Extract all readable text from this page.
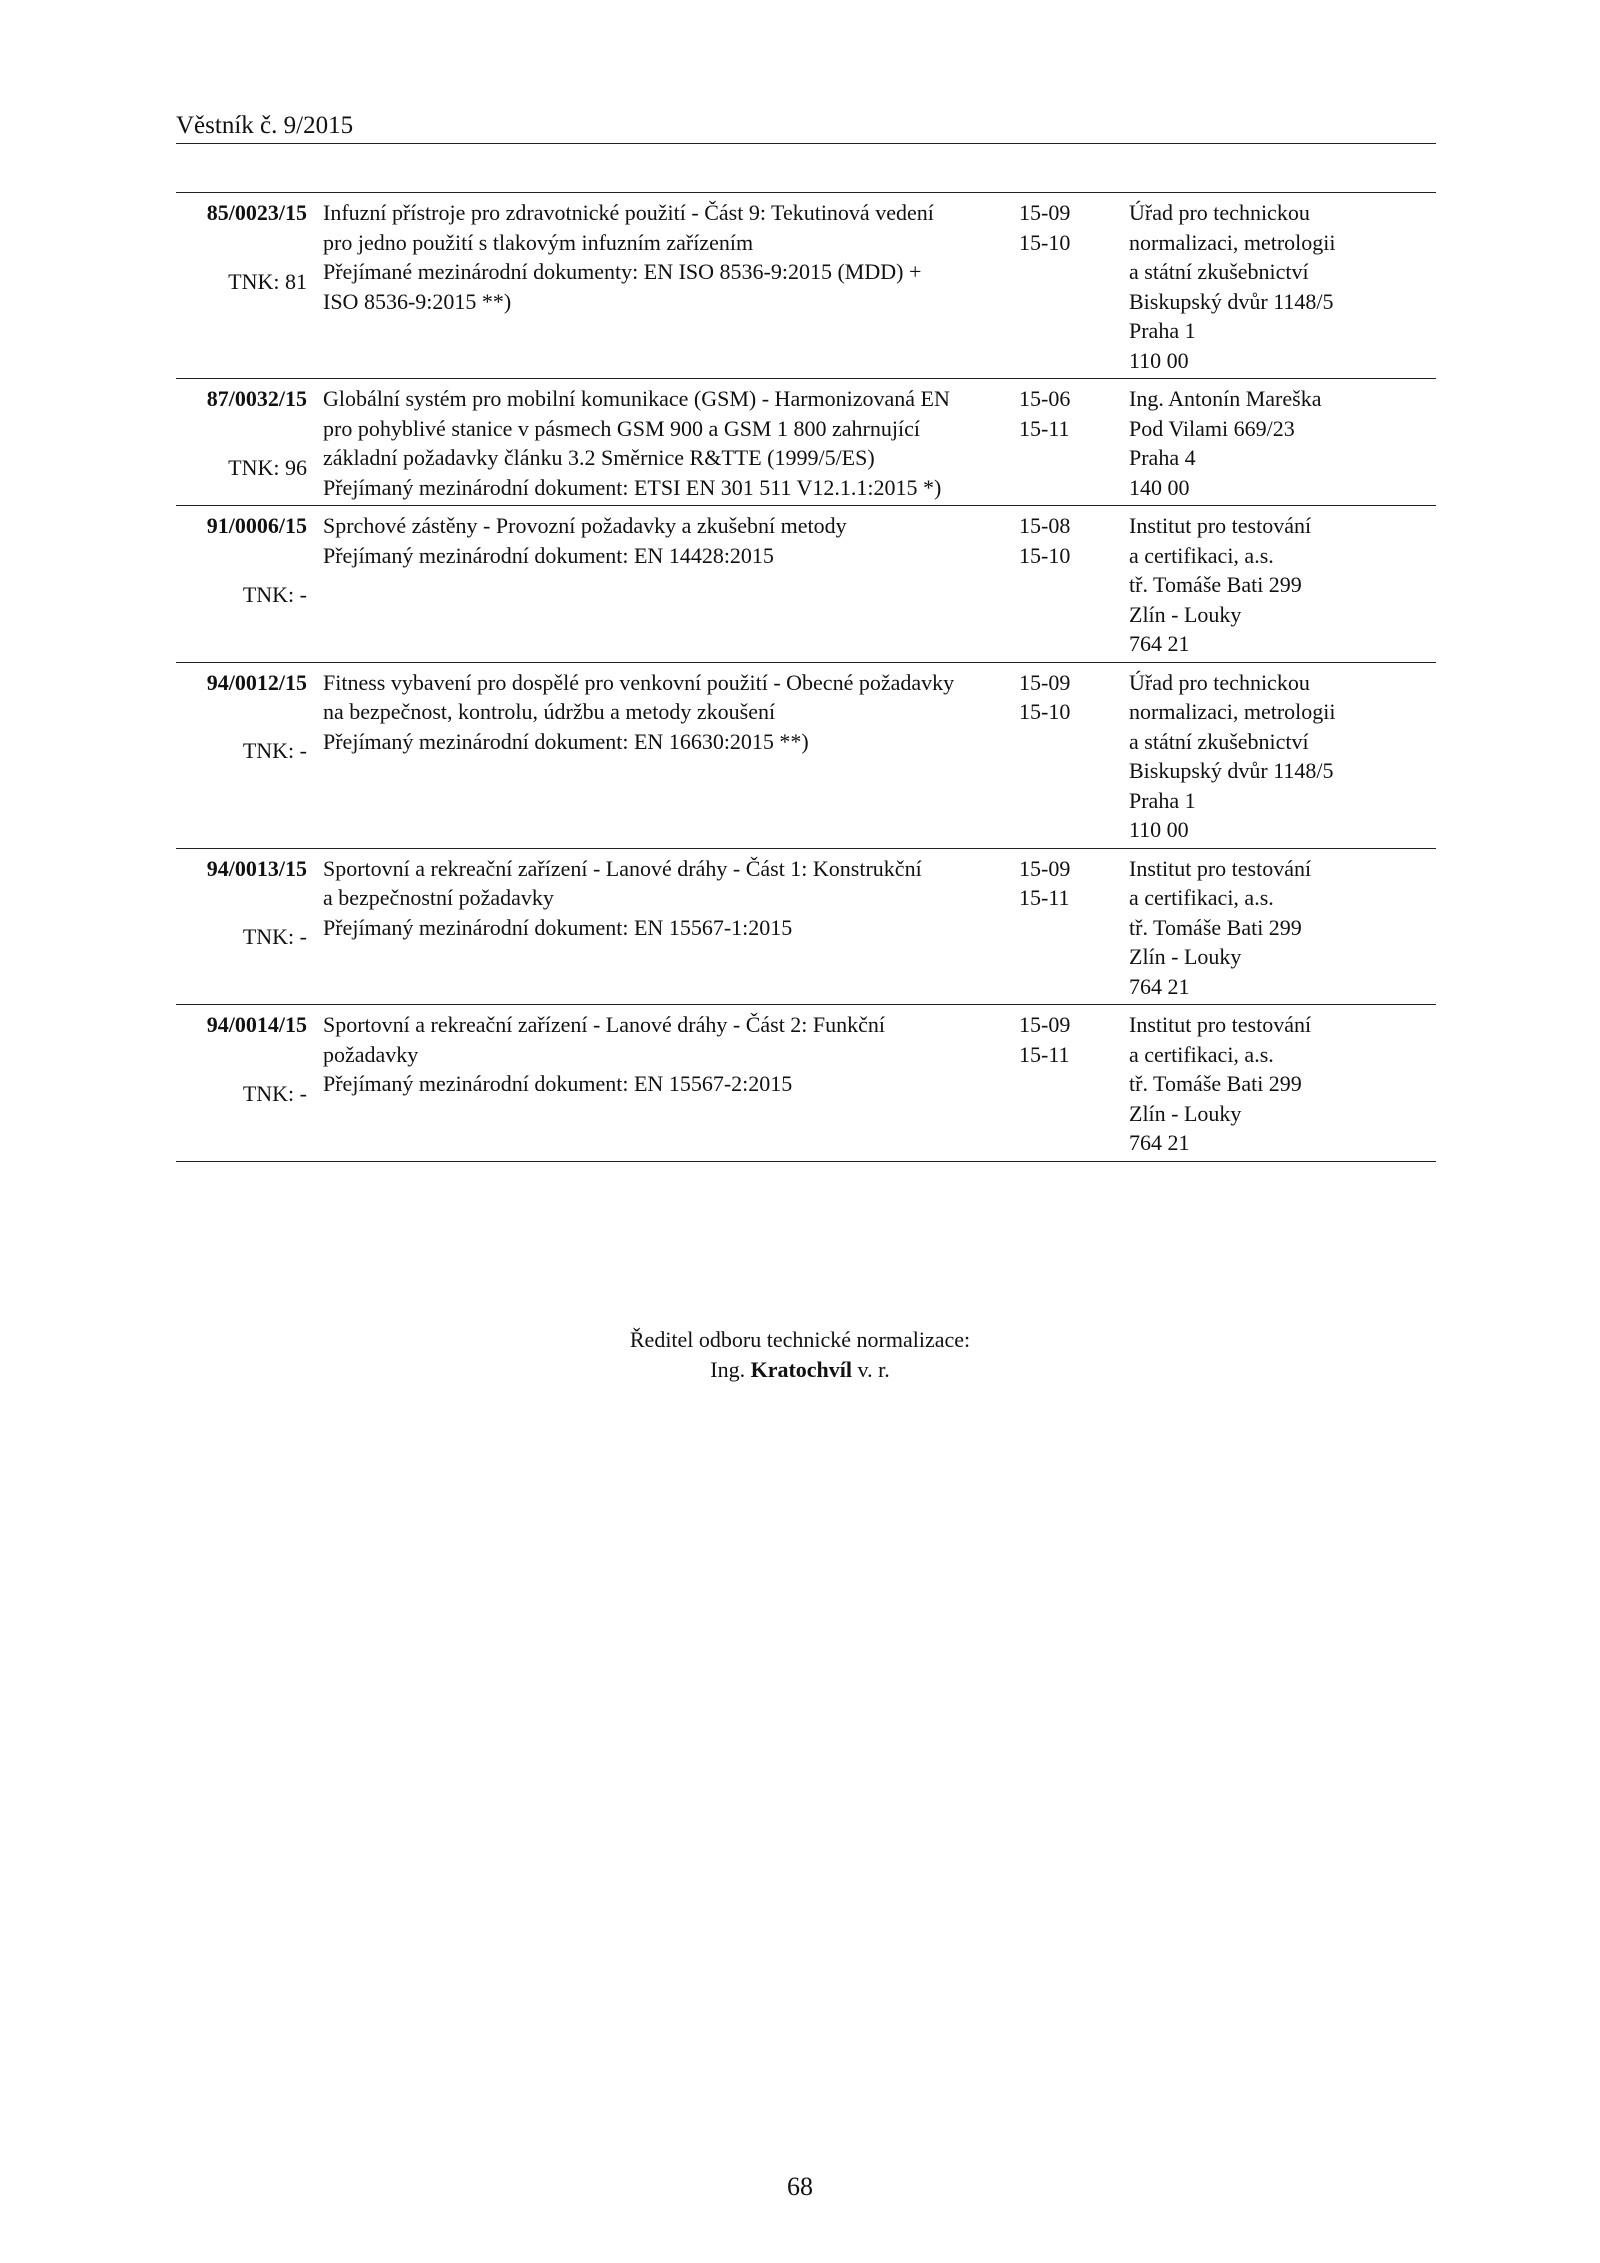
Věstník č. 9/2015
85/0023/15
TNK: 81
Infuzní přístroje pro zdravotnické použití - Část 9: Tekutinová vedení
pro jedno použití s tlakovým infuzním zařízením
Přejímané mezinárodní dokumenty: EN ISO 8536-9:2015 (MDD) +
ISO 8536-9:2015 **)
15-09
15-10
Úřad pro technickou
normalizaci, metrologii
a státní zkušebnictví
Biskupský dvůr 1148/5
Praha 1
110 00
87/0032/15
TNK: 96
Globální systém pro mobilní komunikace (GSM) - Harmonizovaná EN
pro pohyblivé stanice v pásmech GSM 900 a GSM 1 800 zahrnující
základní požadavky článku 3.2 Směrnice R&TTE (1999/5/ES)
Přejímaný mezinárodní dokument: ETSI EN 301 511 V12.1.1:2015 *)
15-06
15-11
Ing. Antonín Mareška
Pod Vilami 669/23
Praha 4
140 00
91/0006/15
TNK: -
Sprchové zástěny - Provozní požadavky a zkušební metody
Přejímaný mezinárodní dokument: EN 14428:2015
15-08
15-10
Institut pro testování
a certifikaci, a.s.
tř. Tomáše Bati 299
Zlín - Louky
764 21
94/0012/15
TNK: -
Fitness vybavení pro dospělé pro venkovní použití - Obecné požadavky
na bezpečnost, kontrolu, údržbu a metody zkoušení
Přejímaný mezinárodní dokument: EN 16630:2015 **)
15-09
15-10
Úřad pro technickou
normalizaci, metrologii
a státní zkušebnictví
Biskupský dvůr 1148/5
Praha 1
110 00
94/0013/15
TNK: -
Sportovní a rekreační zařízení - Lanové dráhy - Část 1: Konstrukční
a bezpečnostní požadavky
Přejímaný mezinárodní dokument: EN 15567-1:2015
15-09
15-11
Institut pro testování
a certifikaci, a.s.
tř. Tomáše Bati 299
Zlín - Louky
764 21
94/0014/15
TNK: -
Sportovní a rekreační zařízení - Lanové dráhy - Část 2: Funkční
požadavky
Přejímaný mezinárodní dokument: EN 15567-2:2015
15-09
15-11
Institut pro testování
a certifikaci, a.s.
tř. Tomáše Bati 299
Zlín - Louky
764 21
Ředitel odboru technické normalizace:
Ing. Kratochvíl v. r.
68
